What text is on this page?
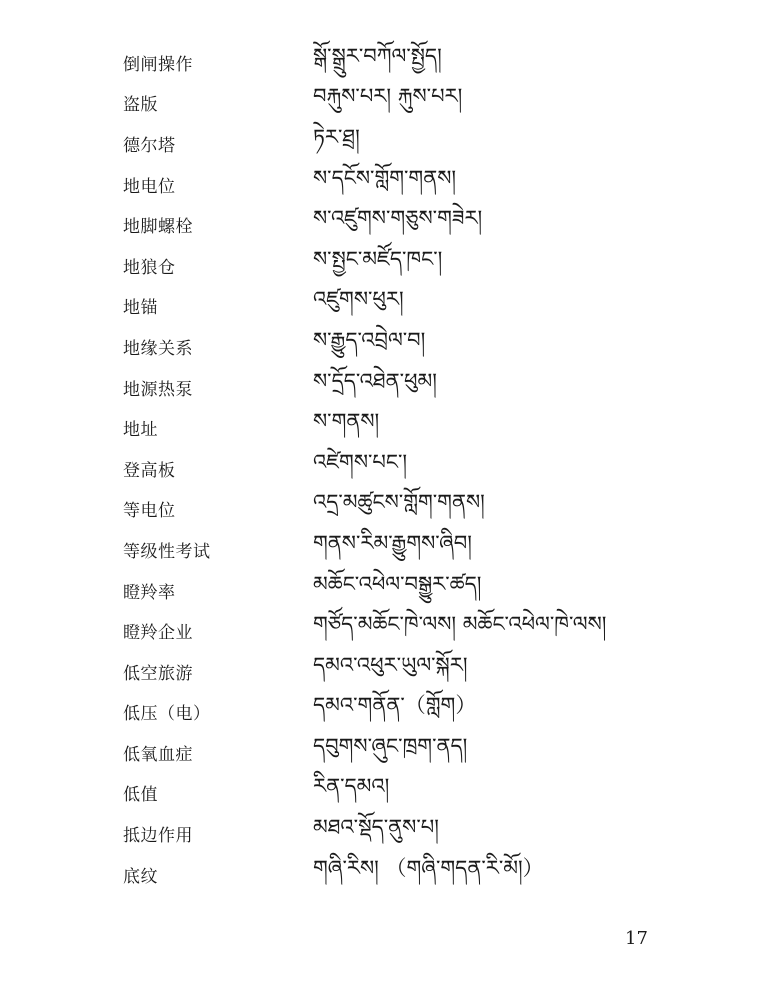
倒闸操作	སྒོ་སྒྲུར་བཀོལ་སྤྱོད།
盗版	བརྐུས་པར། རྐུས་པར།
德尔塔	ཏེར་ཐྲ།
地电位	ས་དངོས་གློག་གནས།
地脚螺栓	ས་འཛུགས་གཅུས་གཟེར།
地狼仓	ས་སྤྱང་མཛོད་ཁང་།
地锚	འཛུགས་ཕུར།
地缘关系	ས་རྒྱུད་འབྲེལ་བ།
地源热泵	ས་དྲོད་འཐེན་ཕུམ།
地址	ས་གནས།
登高板	འཛེགས་པང་།
等电位	འདྲ་མཚུངས་གློག་གནས།
等级性考试	གནས་རིམ་རྒྱུགས་ཞིབ།
瞪羚率	མཆོང་འཕེལ་བསྒྱུར་ཚད།
瞪羚企业	གཙོད་མཆོང་ཁེ་ལས། མཆོང་འཕེལ་ཁེ་ལས།
低空旅游	དམའ་འཕུར་ཡུལ་སྐོར།
低压（电）	དམའ་གནོན་（གློག）
低氧血症	དབུགས་ཞུང་ཁྲག་ནད།
低值	རིན་དམའ།
抵边作用	མཐའ་སྡོད་ནུས་པ།
底纹	གཞི་རིས། （གཞི་གདན་རི་མོ།）
17
